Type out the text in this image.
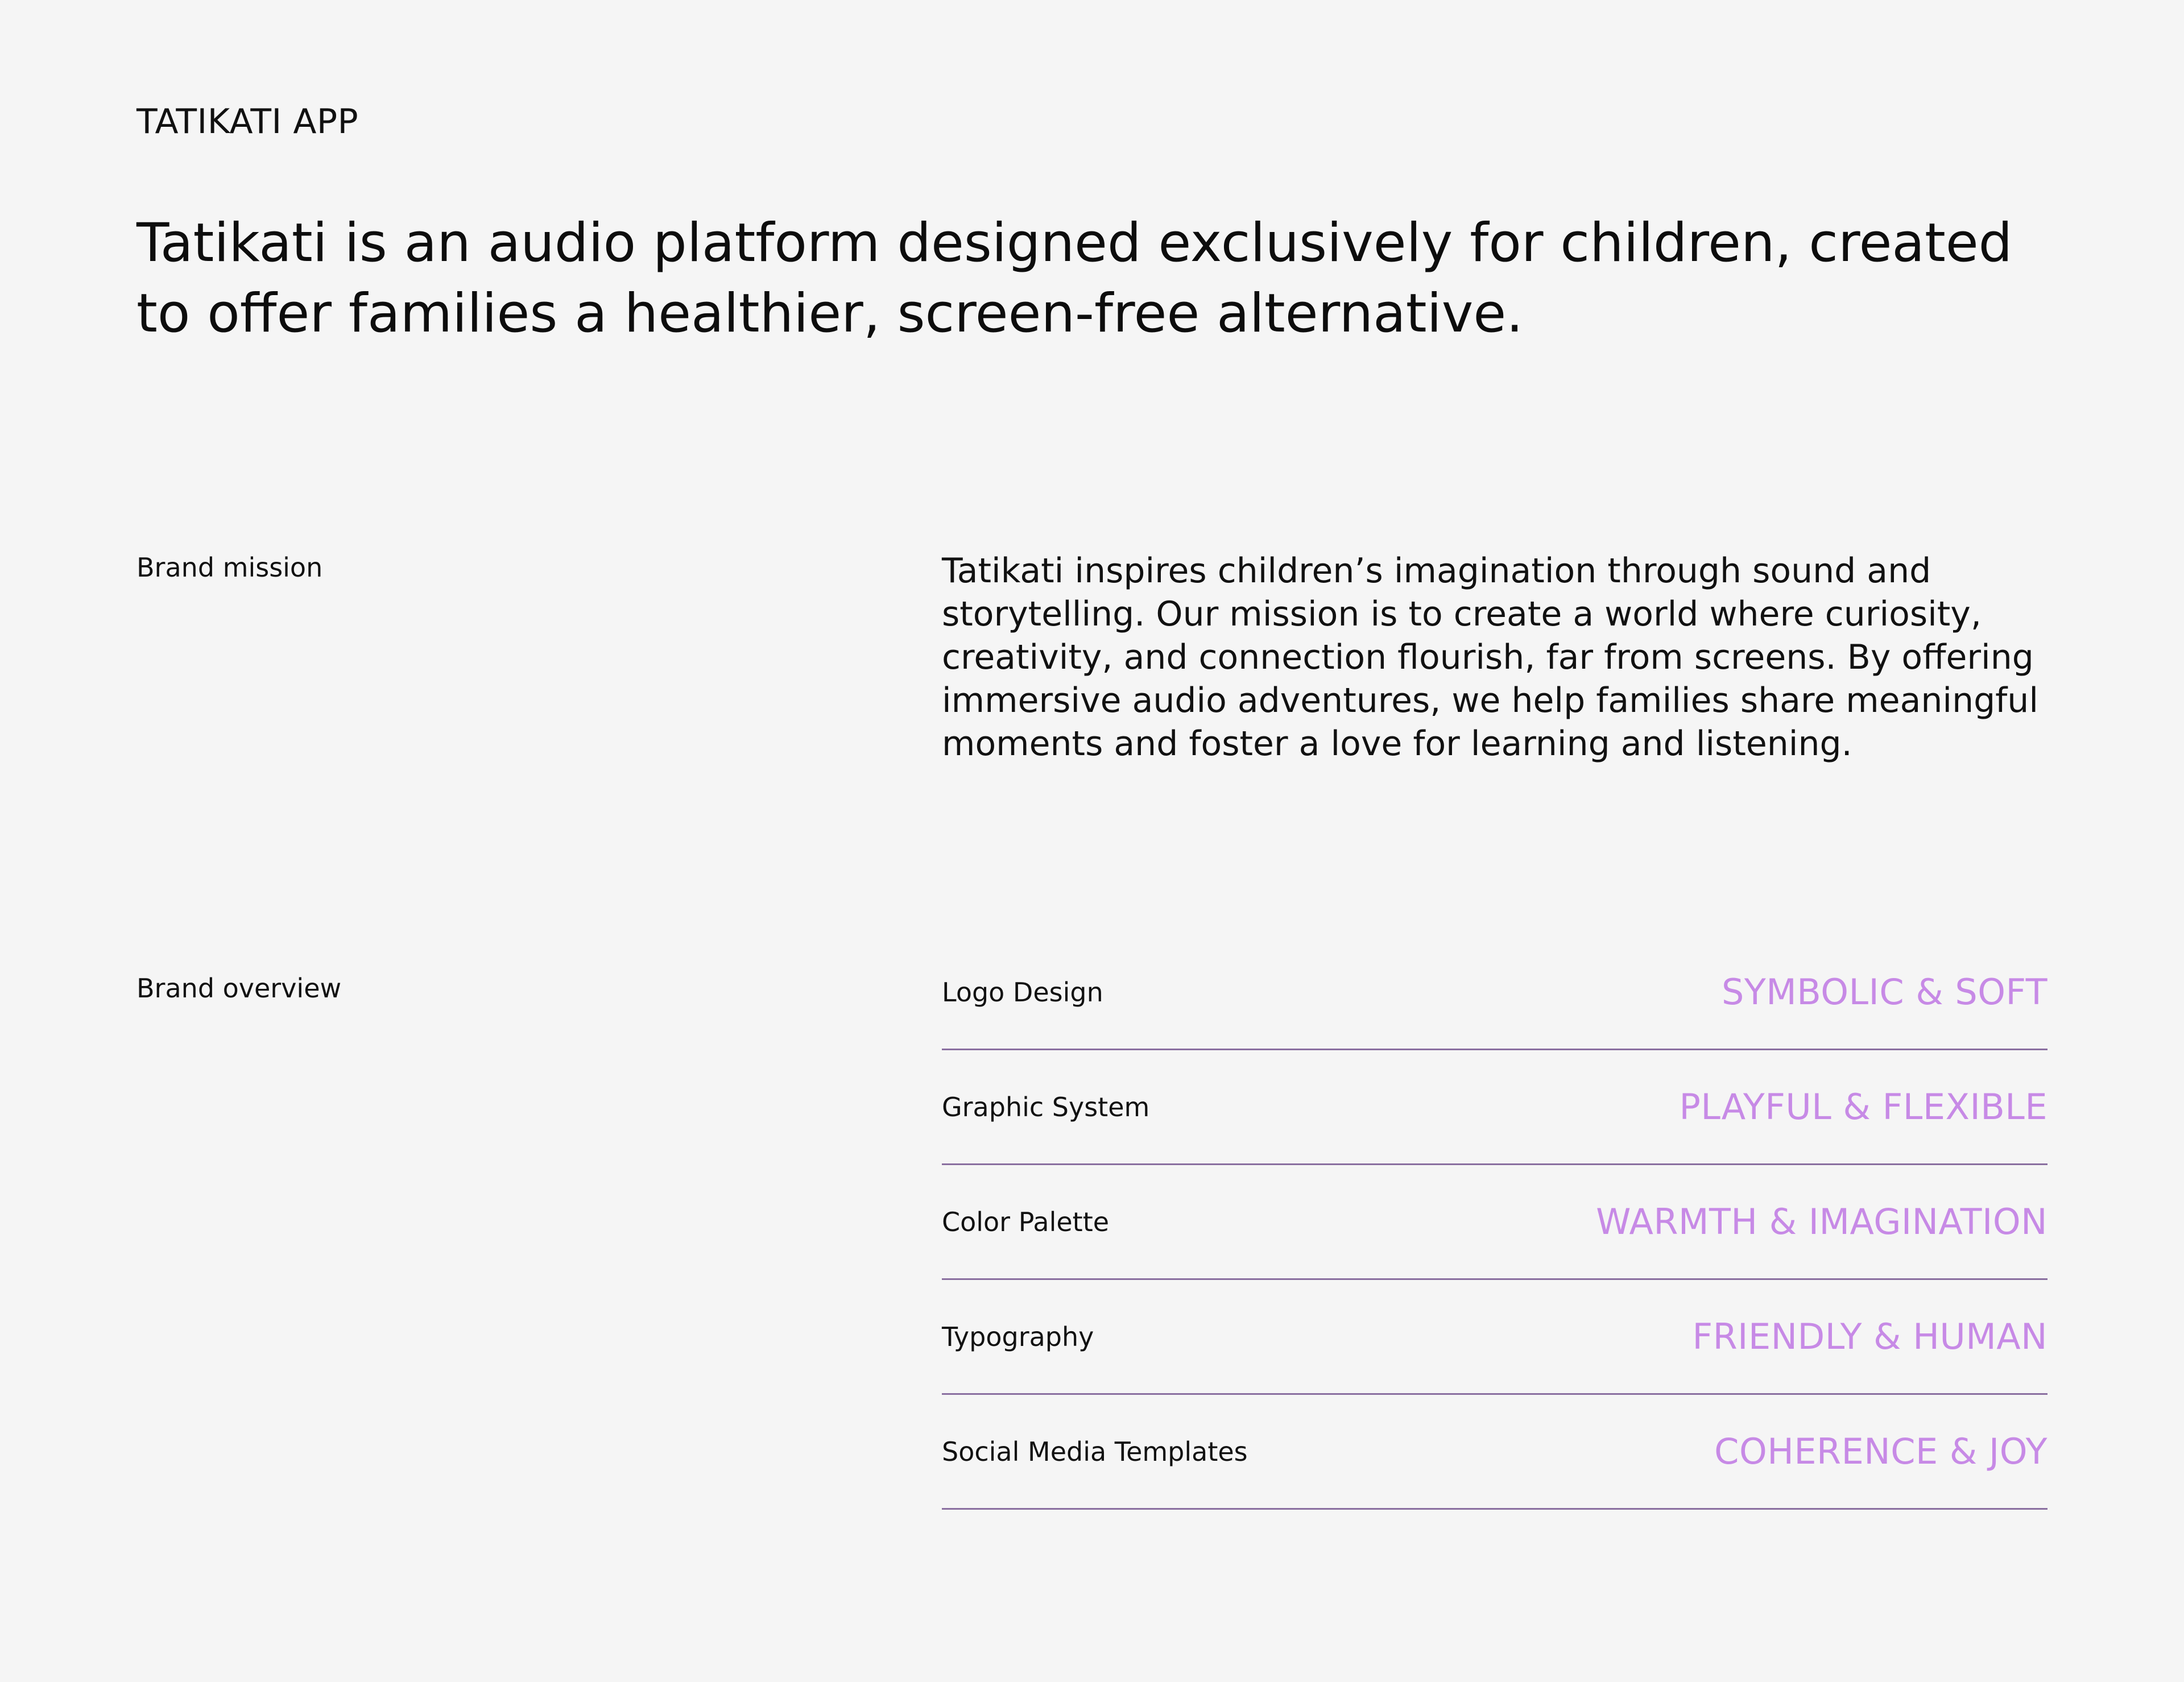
TATIKATI APP
Tatikati is an audio platform designed exclusively for children, created to offer families a healthier, screen-free alternative.
Brand mission	Tatikati inspires children’s imagination through sound and storytelling. Our mission is to create a world where curiosity, creativity, and connection flourish, far from screens. By offering immersive audio adventures, we help families share meaningful moments and foster a love for learning and listening.

Brand overview	Logo Design	SYMBOLIC & SOFT
Graphic System	PLAYFUL & FLEXIBLE
Color Palette	WARMTH & IMAGINATION
Typography	FRIENDLY & HUMAN
Social Media Templates	COHERENCE & JOY
